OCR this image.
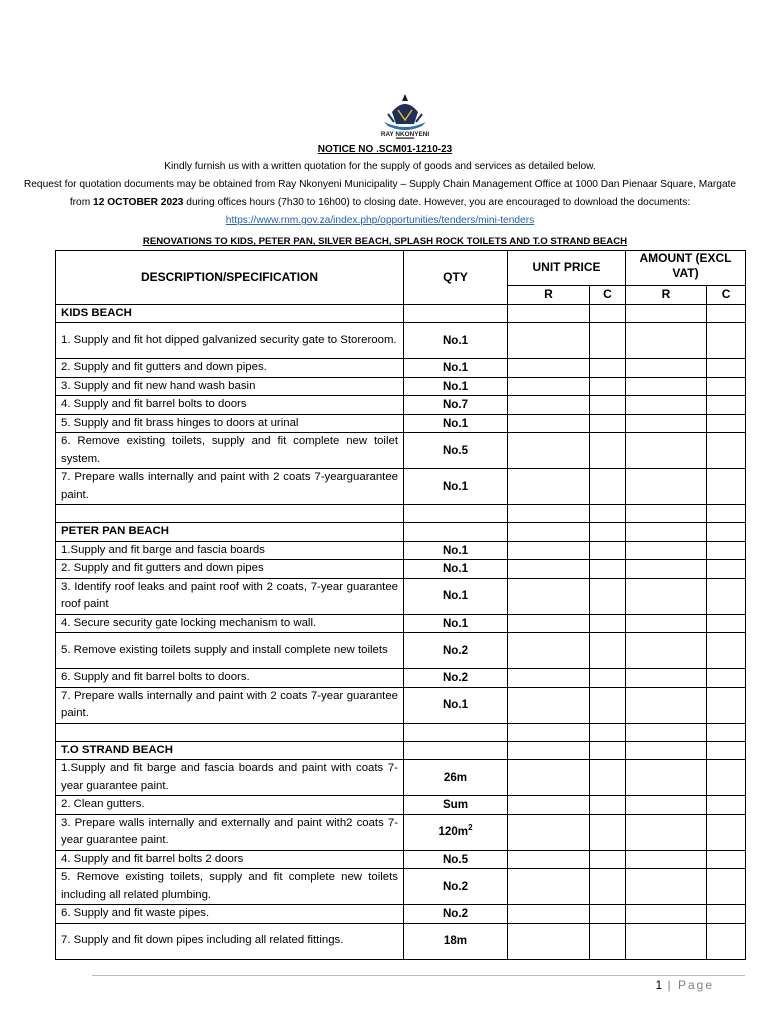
RAY NKONYENI
NOTICE NO .SCM01-1210-23
Kindly furnish us with a written quotation for the supply of goods and services as detailed below.
Request for quotation documents may be obtained from Ray Nkonyeni Municipality – Supply Chain Management Office at 1000 Dan Pienaar Square, Margate from 12 OCTOBER 2023 during offices hours (7h30 to 16h00) to closing date. However, you are encouraged to download the documents: https://www.rnm.gov.za/index.php/opportunities/tenders/mini-tenders
RENOVATIONS TO KIDS, PETER PAN, SILVER BEACH, SPLASH ROCK TOILETS AND T.O STRAND BEACH
DESCRIPTION/SPECIFICATION	QTY	UNIT PRICE		AMOUNT (EXCL VAT)	
		R	C	R	C
KIDS BEACH					
1. Supply and fit hot dipped galvanized security gate to Storeroom.	No.1				
2. Supply and fit gutters and down pipes.	No.1				
3. Supply and fit new hand wash basin	No.1				
4. Supply and fit barrel bolts to doors	No.7				
5. Supply and fit brass hinges to doors at urinal	No.1				
6. Remove existing toilets, supply and fit complete new toilet system.	No.5				
7. Prepare walls internally and paint with 2 coats 7-yearguarantee paint.	No.1				

PETER PAN BEACH					
1.Supply and fit barge and fascia boards	No.1				
2. Supply and fit gutters and down pipes	No.1				
3. Identify roof leaks and paint roof with 2 coats, 7-year guarantee roof paint	No.1				
4. Secure security gate locking mechanism to wall.	No.1				
5. Remove existing toilets supply and install complete new toilets	No.2				
6. Supply and fit barrel bolts to doors.	No.2				
7. Prepare walls internally and paint with 2 coats 7-year guarantee paint.	No.1				

T.O STRAND BEACH					
1.Supply and fit barge and fascia boards and paint with coats 7-year guarantee paint.	26m				
2. Clean gutters.	Sum				
3. Prepare walls internally and externally and paint with2 coats 7-year guarantee paint.	$120m^2$				
4. Supply and fit barrel bolts 2 doors	No.5				
5. Remove existing toilets, supply and fit complete new toilets including all related plumbing.	No.2				
6. Supply and fit waste pipes.	No.2				
7. Supply and fit down pipes including all related fittings.	18m				
1 | Page
